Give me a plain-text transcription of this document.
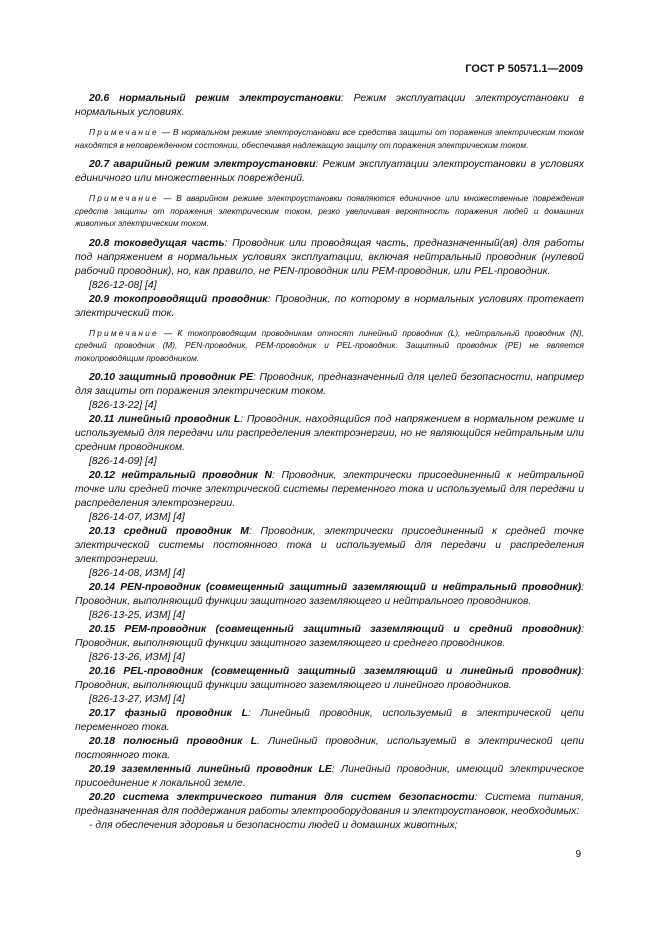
ГОСТ Р 50571.1—2009

20.6 нормальный режим электроустановки: Режим эксплуатации электроустановки в нормальных условиях.

Примечание — В нормальном режиме электроустановки все средства защиты от поражения электрическим током находятся в неповрежденном состоянии, обеспечивая надлежащую защиту от поражения электрическим током.

20.7 аварийный режим электроустановки: Режим эксплуатации электроустановки в условиях единичного или множественных повреждений.

Примечание — В аварийном режиме электроустановки появляются единичное или множественные повреждения средств защиты от поражения электрическим током, резко увеличивая вероятность поражения людей и домашних животных электрическим током.

20.8 токоведущая часть: Проводник или проводящая часть, предназначенный(ая) для работы под напряжением в нормальных условиях эксплуатации, включая нейтральный проводник (нулевой рабочий проводник), но, как правило, не PEN-проводник или PEM-проводник, или PEL-проводник.

[826-12-08] [4]

20.9 токопроводящий проводник: Проводник, по которому в нормальных условиях протекает электрический ток.

Примечание — К токопроводящим проводникам относят линейный проводник (L), нейтральный проводник (N), средний проводник (M), PEN-проводник, PEM-проводник и PEL-проводник. Защитный проводник (PE) не является токопроводящим проводником.

20.10 защитный проводник PE: Проводник, предназначенный для целей безопасности, например для защиты от поражения электрическим током.

[826-13-22] [4]

20.11 линейный проводник L: Проводник, находящийся под напряжением в нормальном режиме и используемый для передачи или распределения электроэнергии, но не являющийся нейтральным или средним проводником.

[826-14-09] [4]

20.12 нейтральный проводник N: Проводник, электрически присоединенный к нейтральной точке или средней точке электрической системы переменного тока и используемый для передачи и распределения электроэнергии.

[826-14-07, ИЗМ] [4]

20.13 средний проводник M: Проводник, электрически присоединенный к средней точке электрической системы постоянного тока и используемый для передачи и распределения электроэнергии.

[826-14-08, ИЗМ] [4]

20.14 PEN-проводник (совмещенный защитный заземляющий и нейтральный проводник): Проводник, выполняющий функции защитного заземляющего и нейтрального проводников.

[826-13-25, ИЗМ] [4]

20.15 PEM-проводник (совмещенный защитный заземляющий и средний проводник): Проводник, выполняющий функции защитного заземляющего и среднего проводников.

[826-13-26, ИЗМ] [4]

20.16 PEL-проводник (совмещенный защитный заземляющий и линейный проводник): Проводник, выполняющий функции защитного заземляющего и линейного проводников.

[826-13-27, ИЗМ] [4]

20.17 фазный проводник L: Линейный проводник, используемый в электрической цепи переменного тока.

20.18 полюсный проводник L. Линейный проводник, используемый в электрической цепи постоянного тока.

20.19 заземленный линейный проводник LE: Линейный проводник, имеющий электрическое присоединение к локальной земле.

20.20 система электрического питания для систем безопасности: Система питания, предназначенная для поддержания работы электрооборудования и электроустановок, необходимых:

- для обеспечения здоровья и безопасности людей и домашних животных;

9
